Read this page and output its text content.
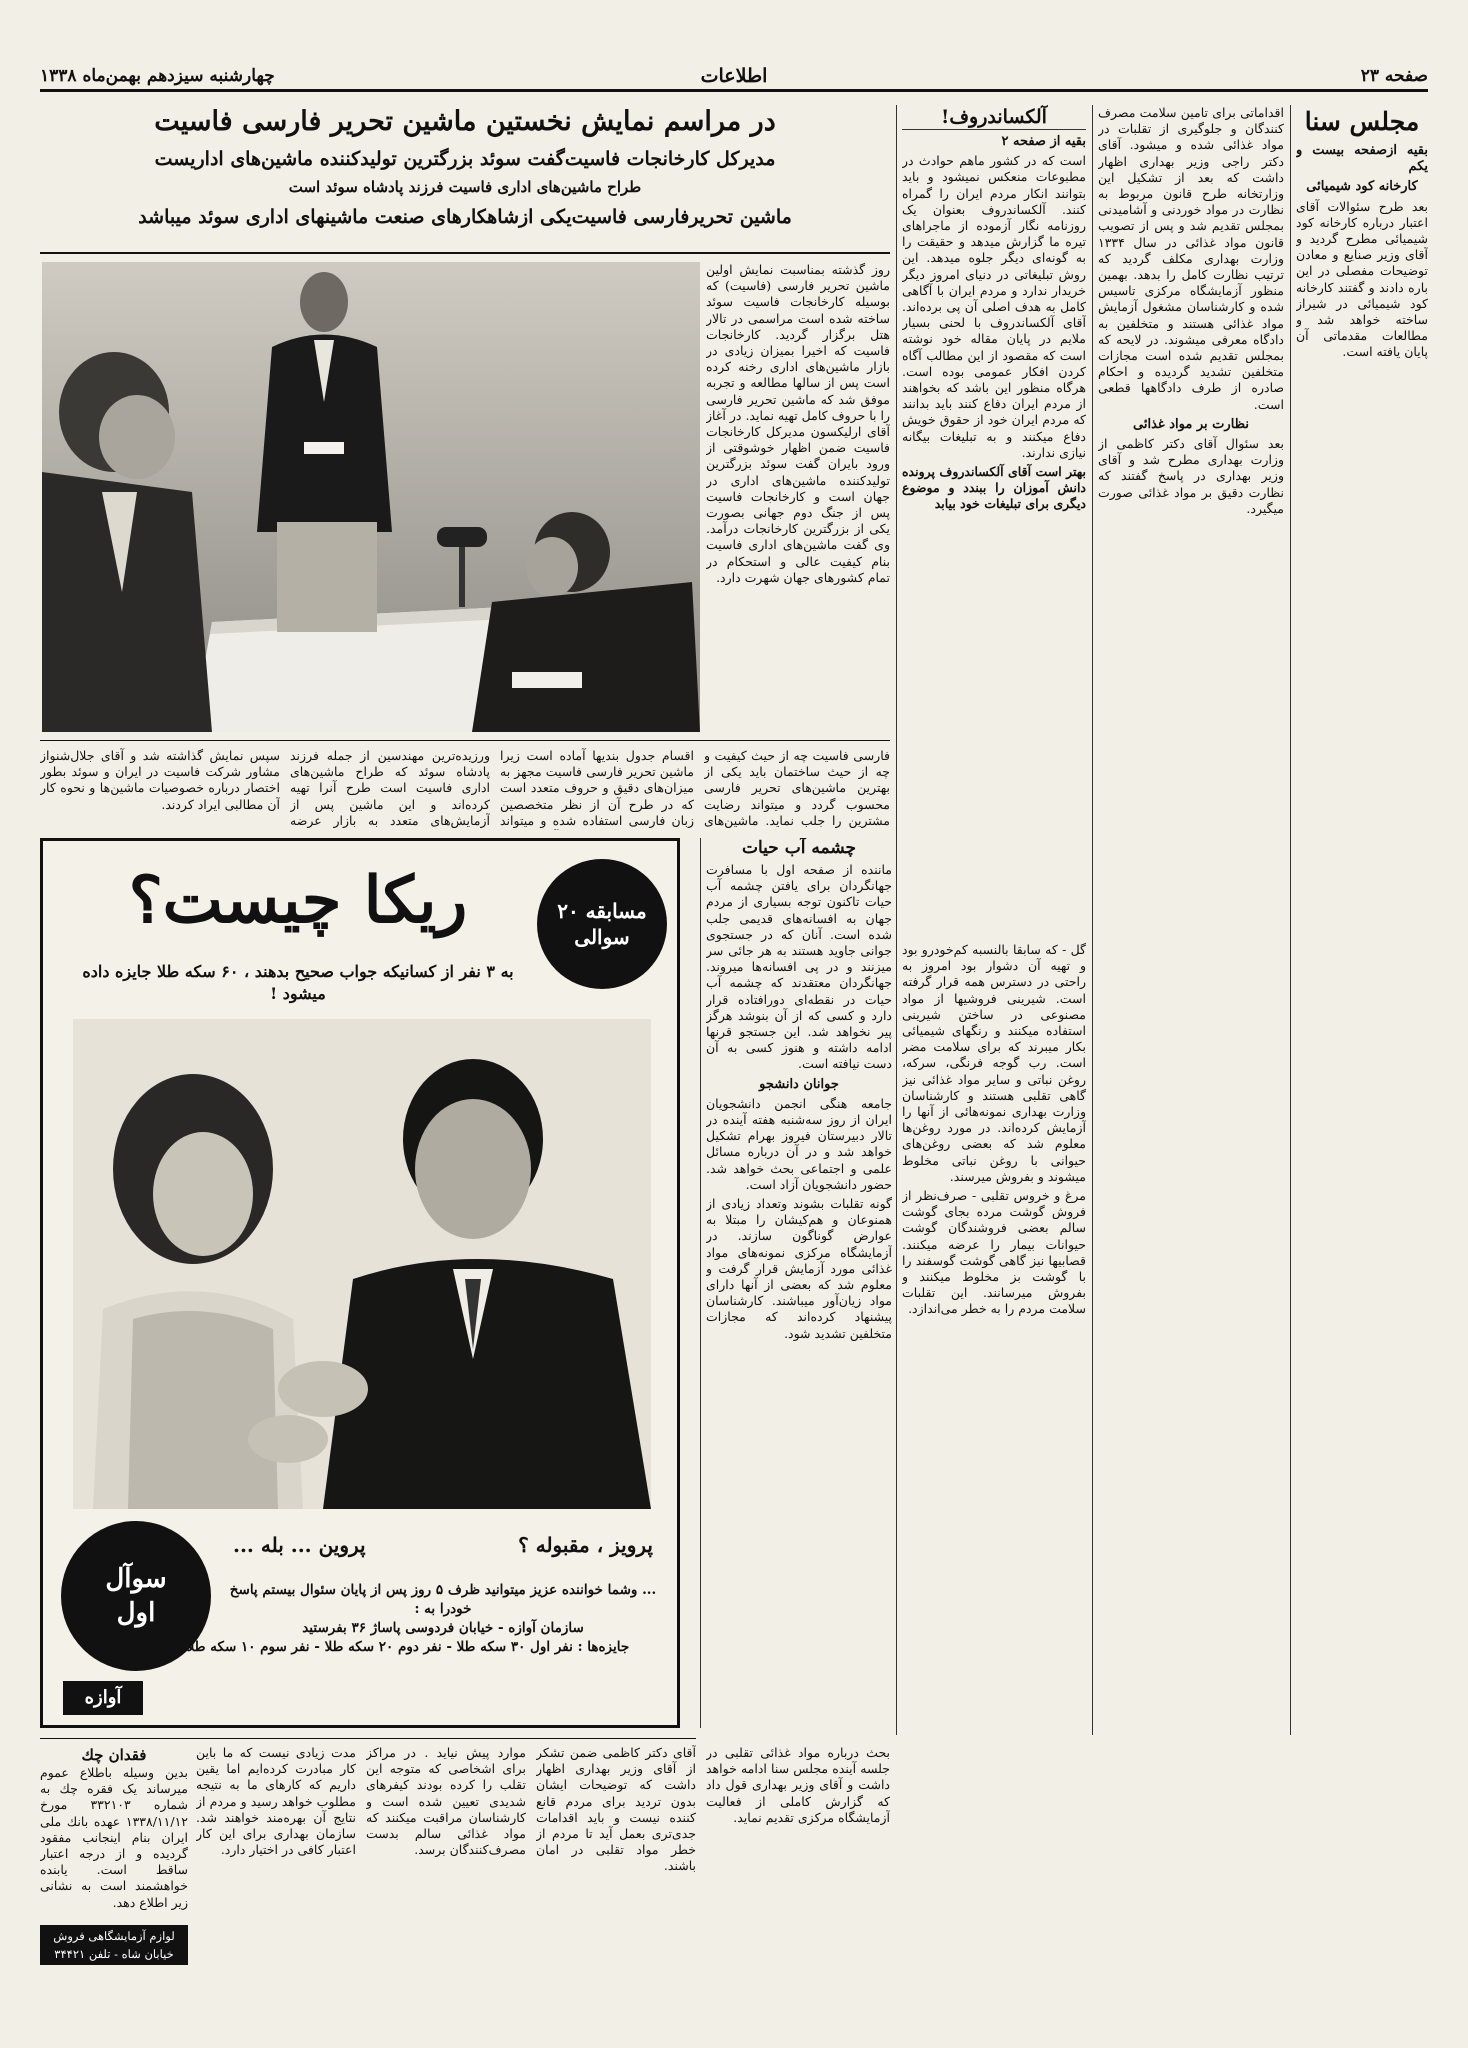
صفحه ۲۳
اطلاعات
چهارشنبه سیزدهم بهمن‌ماه ۱۳۳۸
در مراسم نمایش نخستین ماشین تحریر فارسی فاسیت
مدیرکل کارخانجات فاسیت‌گفت سوئد بزرگترین تولیدکننده ماشین‌های اداریست
طراح ماشین‌های اداری فاسیت فرزند پادشاه سوئد است
ماشین تحریرفارسی فاسیت‌یکی ازشاهکارهای صنعت ماشینهای اداری سوئد میباشد
روز گذشته بمناسبت نمایش اولین ماشین تحریر فارسی (فاسیت) که بوسیله کارخانجات فاسیت سوئد ساخته شده است مراسمی در تالار هتل برگزار گردید. کارخانجات فاسیت که اخیرا بمیزان زیادی در بازار ماشین‌های اداری رخنه کرده است پس از سالها مطالعه و تجربه موفق شد که ماشین تحریر فارسی را با حروف کامل تهیه نماید. در آغاز آقای ارلیکسون مدیرکل کارخانجات فاسیت ضمن اظهار خوشوقتی از ورود بایران گفت سوئد بزرگترین تولیدکننده ماشین‌های اداری در جهان است و کارخانجات فاسیت پس از جنگ دوم جهانی بصورت یکی از بزرگترین کارخانجات درآمد. وی گفت ماشین‌های اداری فاسیت بنام کیفیت عالی و استحکام در تمام کشورهای جهان شهرت دارد.
فارسی فاسیت چه از حیث کیفیت و چه از حیث ساختمان باید یکی از بهترین ماشین‌های تحریر فارسی محسوب گردد و میتواند رضایت مشترین را جلب نماید. ماشین‌های
اقسام جدول بندیها آماده است زیرا ماشین تحریر فارسی فاسیت مجهز به میزان‌های دقیق و حروف متعدد است که در طرح آن از نظر متخصصین زبان فارسی استفاده شده و میتواند
ورزیده‌ترین مهندسین از جمله فرزند پادشاه سوئد که طراح ماشین‌های اداری فاسیت است طرح آنرا تهیه کرده‌اند و این ماشین پس از آزمایش‌های متعدد به بازار عرضه
سپس نمایش گذاشته شد و آقای جلال‌شنواز مشاور شرکت فاسیت در ایران و سوئد بطور اختصار درباره خصوصیات ماشین‌ها و نحوه کار آن مطالبی ایراد کردند.
مسابقه ۲۰ سوالی
ریکا چیست؟
به ۳ نفر از کسانیکه جواب صحیح بدهند ، ۶۰ سکه طلا جایزه داده میشود !
سوآل اول
پرویز ، مقبوله ؟
پروین ... بله ...
... وشما خواننده عزیز میتوانید ظرف ۵ روز پس از پایان سئوال بیستم پاسخ خودرا به :
سازمان آوازه - خیابان فردوسی پاساژ ۳۶ بفرستید
جایزه‌ها : نفر اول ۳۰ سکه طلا - نفر دوم ۲۰ سکه طلا - نفر سوم ۱۰ سکه طلا
آوازه
چشمه آب حیات
ماننده از صفحه اول با مسافرت جهانگردان برای یافتن چشمه آب حیات تاکنون توجه بسیاری از مردم جهان به افسانه‌های قدیمی جلب شده است. آنان که در جستجوی جوانی جاوید هستند به هر جائی سر میزنند و در پی افسانه‌ها میروند. جهانگردان معتقدند که چشمه آب حیات در نقطه‌ای دورافتاده قرار دارد و کسی که از آن بنوشد هرگز پیر نخواهد شد. این جستجو قرنها ادامه داشته و هنوز کسی به آن دست نیافته است.
جوانان دانشجو
جامعه هنگی انجمن دانشجویان ایران از روز سه‌شنبه هفته آینده در تالار دبیرستان فیروز بهرام تشکیل خواهد شد و در آن درباره مسائل علمی و اجتماعی بحث خواهد شد. حضور دانشجویان آزاد است.
گونه تقلبات بشوند وتعداد زیادی از همنوعان و هم‌کیشان را مبتلا به عوارض گوناگون سازند. در آزمایشگاه مرکزی نمونه‌های مواد غذائی مورد آزمایش قرار گرفت و معلوم شد که بعضی از آنها دارای مواد زیان‌آور میباشند. کارشناسان پیشنهاد کرده‌اند که مجازات متخلفین تشدید شود.
آلکساندروف!
بقیه از صفحه ۲
است که در کشور ماهم حوادث در مطبوعات منعکس نمیشود و باید بتوانند انکار مردم ایران را گمراه کنند. آلکساندروف بعنوان یک روزنامه نگار آزموده از ماجراهای تیره ما گزارش میدهد و حقیقت را به گونه‌ای دیگر جلوه میدهد. این روش تبلیغاتی در دنیای امروز دیگر خریدار ندارد و مردم ایران با آگاهی کامل به هدف اصلی آن پی برده‌اند. آقای آلکساندروف با لحنی بسیار ملایم در پایان مقاله خود نوشته است که مقصود از این مطالب آگاه کردن افکار عمومی بوده است. هرگاه منظور این باشد که بخواهند از مردم ایران دفاع کنند باید بدانند که مردم ایران خود از حقوق خویش دفاع میکنند و به تبلیغات بیگانه نیازی ندارند.
بهتر است آقای آلکساندروف پرونده دانش آموزان را ببندد و موضوع دیگری برای تبلیغات خود بیابد
گل - که سابقا بالنسبه کم‌خودرو بود و تهیه آن دشوار بود امروز به راحتی در دسترس همه قرار گرفته است. شیرینی فروشیها از مواد مصنوعی در ساختن شیرینی استفاده میکنند و رنگهای شیمیائی بکار میبرند که برای سلامت مضر است. رب گوجه فرنگی، سرکه، روغن نباتی و سایر مواد غذائی نیز گاهی تقلبی هستند و کارشناسان وزارت بهداری نمونه‌هائی از آنها را آزمایش کرده‌اند. در مورد روغن‌ها معلوم شد که بعضی روغن‌های حیوانی با روغن نباتی مخلوط میشوند و بفروش میرسند.
مرغ و خروس تقلبی - صرف‌نظر از فروش گوشت مرده بجای گوشت سالم بعضی فروشندگان گوشت حیوانات بیمار را عرضه میکنند. قصابیها نیز گاهی گوشت گوسفند را با گوشت بز مخلوط میکنند و بفروش میرسانند. این تقلبات سلامت مردم را به خطر می‌اندازد.
اقداماتی برای تامین سلامت مصرف کنندگان و جلوگیری از تقلبات در مواد غذائی شده و میشود. آقای دکتر راجی وزیر بهداری اظهار داشت که بعد از تشکیل این وزارتخانه طرح قانون مربوط به نظارت در مواد خوردنی و آشامیدنی بمجلس تقدیم شد و پس از تصویب قانون مواد غذائی در سال ۱۳۳۴ وزارت بهداری مکلف گردید که ترتیب نظارت کامل را بدهد. بهمین منظور آزمایشگاه مرکزی تاسیس شده و کارشناسان مشغول آزمایش مواد غذائی هستند و متخلفین به دادگاه معرفی میشوند. در لایحه که بمجلس تقدیم شده است مجازات متخلفین تشدید گردیده و احکام صادره از طرف دادگاهها قطعی است.
نظارت بر مواد غذائی
بعد سئوال آقای دکتر کاظمی از وزارت بهداری مطرح شد و آقای وزیر بهداری در پاسخ گفتند که نظارت دقیق بر مواد غذائی صورت میگیرد.
مجلس سنا
بقیه ازصفحه بیست و یکم
کارخانه کود شیمیائی
بعد طرح سئوالات آقای اعتبار درباره کارخانه کود شیمیائی مطرح گردید و آقای وزیر صنایع و معادن توضیحات مفصلی در این باره دادند و گفتند کارخانه کود شیمیائی در شیراز ساخته خواهد شد و مطالعات مقدماتی آن پایان یافته است.
آقای دکتر کاظمی ضمن تشکر از آقای وزیر بهداری اظهار داشت که توضیحات ایشان بدون تردید برای مردم قانع کننده نیست و باید اقدامات جدی‌تری بعمل آید تا مردم از خطر مواد تقلبی در امان باشند.
موارد پیش نیاید . در مراکز برای اشخاصی که متوجه این تقلب را کرده بودند کیفرهای شدیدی تعیین شده است و کارشناسان مراقبت میکنند که مواد غذائی سالم بدست مصرف‌کنندگان برسد.
مدت زیادی نیست که ما باین کار مبادرت کرده‌ایم اما یقین داریم که کارهای ما به نتیجه مطلوب خواهد رسید و مردم از نتایج آن بهره‌مند خواهند شد. سازمان بهداری برای این کار اعتبار کافی در اختیار دارد.
بحث درباره مواد غذائی تقلبی در جلسه آینده مجلس سنا ادامه خواهد داشت و آقای وزیر بهداری قول داد که گزارش کاملی از فعالیت آزمایشگاه مرکزی تقدیم نماید.
فقدان چك
بدین وسیله باطلاع عموم میرساند یک فقره چك به شماره ۳۳۲۱۰۳ مورخ ۱۳۳۸/۱۱/۱۲ عهده بانك ملی ایران بنام اینجانب مفقود گردیده و از درجه اعتبار ساقط است. یابنده خواهشمند است به نشانی زیر اطلاع دهد.
لوازم آزمایشگاهی فروش خیابان شاه - تلفن ۳۴۴۲۱
